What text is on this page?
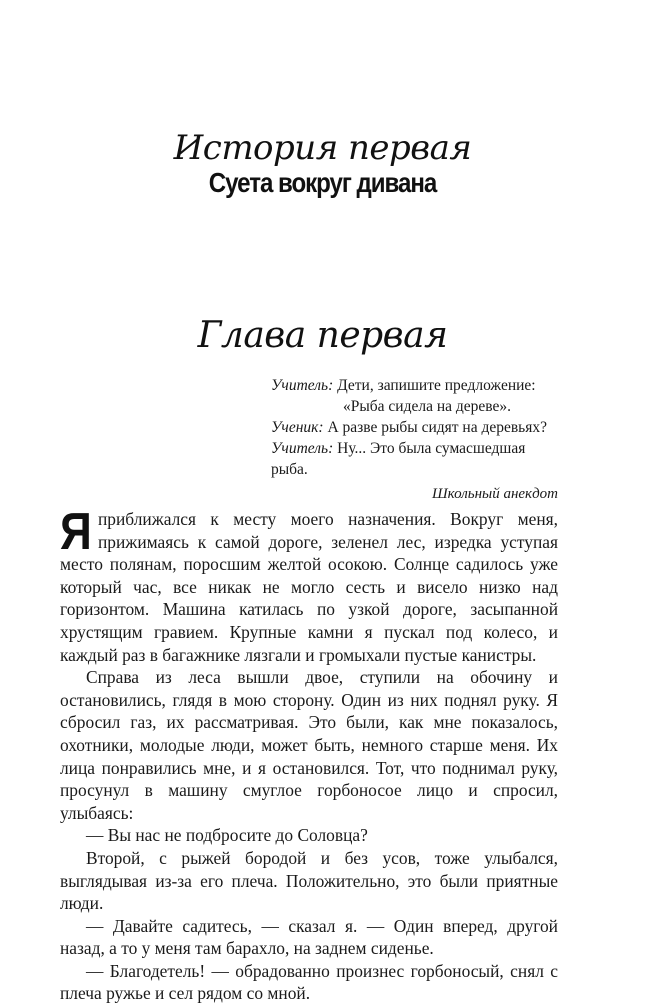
История первая
Суета вокруг дивана
Глава первая

Учитель: Дети, запишите предложение:

«Рыба сидела на дереве».

Ученик: А разве рыбы сидят на деревьях?

Учитель: Ну... Это была сумасшедшая

рыба.

Школьный анекдот

Яприближался к месту моего назначения. Вокруг меня, прижимаясь к самой дороге, зеленел лес, изредка уступая место полянам, поросшим желтой осокою. Солнце садилось уже который час, все никак не могло сесть и висело низко над горизонтом. Машина катилась по узкой дороге, засыпанной хрустящим гравием. Крупные камни я пускал под колесо, и каждый раз в багажнике лязгали и громыхали пустые канистры.

Справа из леса вышли двое, ступили на обочину и остановились, глядя в мою сторону. Один из них поднял руку. Я сбросил газ, их рассматривая. Это были, как мне показалось, охотники, молодые люди, может быть, немного старше меня. Их лица понравились мне, и я остановился. Тот, что поднимал руку, просунул в машину смуглое горбоносое лицо и спросил, улыбаясь:

— Вы нас не подбросите до Соловца?

Второй, с рыжей бородой и без усов, тоже улыбался, выглядывая из-за его плеча. Положительно, это были приятные люди.

— Давайте садитесь, — сказал я. — Один вперед, другой назад, а то у меня там барахло, на заднем сиденье.

— Благодетель! — обрадованно произнес горбоносый, снял с плеча ружье и сел рядом со мной.
